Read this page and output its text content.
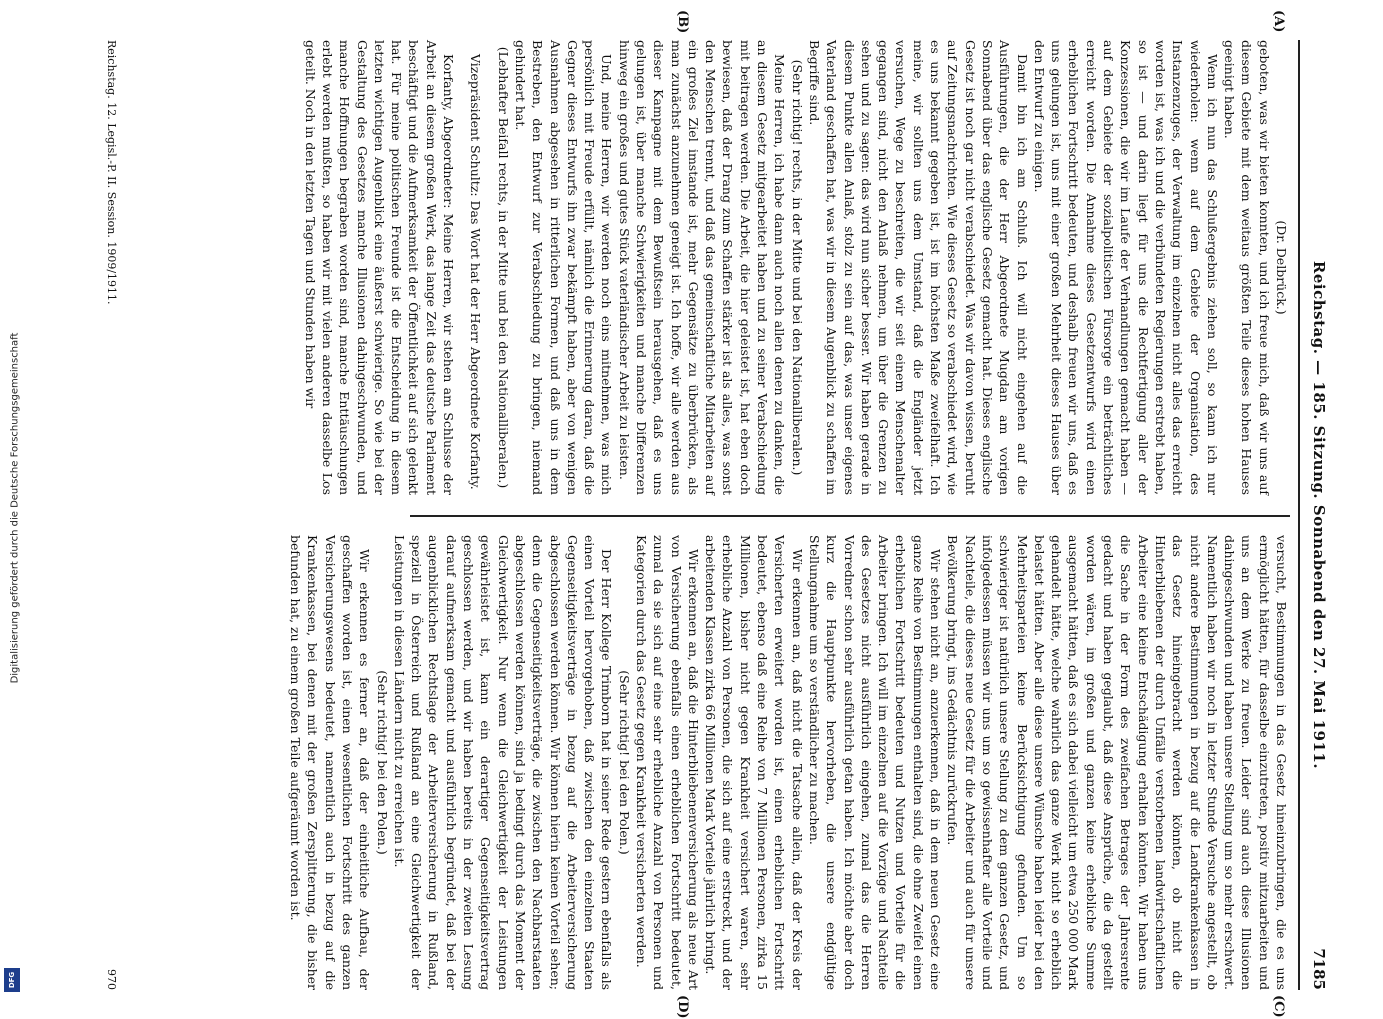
Digitalisierung gefördert durch die Deutsche Forschungsgemeinschaft
DFG
Reichstag. — 185. Sitzung. Sonnabend den 27. Mai 1911.
7185
(A)
(B)
(C)
(D)

(Dr. Delbrück.)

geboten, was wir bieten konnten, und ich freue mich, daß wir uns auf diesem Gebiete mit dem weitaus größten Teile dieses hohen Hauses geeinigt haben.

Wenn ich nun das Schlußergebnis ziehen soll, so kann ich nur wiederholen: wenn auf dem Gebiete der Organisation, des Instanzenzuges, der Verwaltung im einzelnen nicht alles das erreicht worden ist, was ich und die verbündeten Regierungen erstrebt haben, so ist — und darin liegt für uns die Rechtfertigung aller der Konzessionen, die wir im Laufe der Verhandlungen gemacht haben — auf dem Gebiete der sozialpolitischen Fürsorge ein beträchtliches erreicht worden. Die Annahme dieses Gesetzentwurfs wird einen erheblichen Fortschritt bedeuten, und deshalb freuen wir uns, daß es uns gelungen ist, uns mit einer großen Mehrheit dieses Hauses über den Entwurf zu einigen.

Damit bin ich am Schluß. Ich will nicht eingehen auf die Ausführungen, die der Herr Abgeordnete Mugdan am vorigen Sonnabend über das englische Gesetz gemacht hat. Dieses englische Gesetz ist noch gar nicht verabschiedet. Was wir davon wissen, beruht auf Zeitungsnachrichten. Wie dieses Gesetz so verabschiedet wird, wie es uns bekannt gegeben ist, ist im höchsten Maße zweifelhaft. Ich meine, wir sollten uns dem Umstand, daß die Engländer jetzt versuchen, Wege zu beschreiten, die wir seit einem Menschenalter gegangen sind, nicht den Anlaß nehmen, um über die Grenzen zu sehen und zu sagen: das wird nun sicher besser. Wir haben gerade in diesem Punkte allen Anlaß, stolz zu sein auf das, was unser eigenes Vaterland geschaffen hat, was wir in diesem Augenblick zu schaffen im Begriffe sind.

(Sehr richtig! rechts, in der Mitte und bei den Nationalliberalen.)

Meine Herren, ich habe dann auch noch allen denen zu danken, die an diesem Gesetz mitgearbeitet haben und zu seiner Verabschiedung mit beitragen werden. Die Arbeit, die hier geleistet ist, hat eben doch bewiesen, daß der Drang zum Schaffen stärker ist als alles, was sonst den Menschen trennt, und daß das gemeinschaftliche Mitarbeiten auf ein großes Ziel imstande ist, mehr Gegensätze zu überbrücken, als man zunächst anzunehmen geneigt ist. Ich hoffe, wir alle werden aus dieser Kampagne mit dem Bewußtsein herausgehen, daß es uns gelungen ist, über manche Schwierigkeiten und manche Differenzen hinweg ein großes und gutes Stück vaterländischer Arbeit zu leisten.

Und, meine Herren, wir werden noch eins mitnehmen, was mich persönlich mit Freude erfüllt, nämlich die Erinnerung daran, daß die Gegner dieses Entwurfs ihn zwar bekämpft haben, aber von wenigen Ausnahmen abgesehen in ritterlichen Formen, und daß uns in dem Bestreben, den Entwurf zur Verabschiedung zu bringen, niemand gehindert hat.

(Lebhafter Beifall rechts, in der Mitte und bei den Nationalliberalen.)

Vizepräsident Schultz: Das Wort hat der Herr Abgeordnete Korfanty.

Korfanty, Abgeordneter: Meine Herren, wir stehen am Schlusse der Arbeit an diesem großen Werk, das lange Zeit das deutsche Parlament beschäftigt und die Aufmerksamkeit der Öffentlichkeit auf sich gelenkt hat. Für meine politischen Freunde ist die Entscheidung in diesem letzten wichtigen Augenblick eine äußerst schwierige. So wie bei der Gestaltung des Gesetzes manche Illusionen dahingeschwunden, und manche Hoffnungen begraben worden sind, manche Enttäuschungen erlebt werden mußten, so haben wir mit vielen anderen dasselbe Los geteilt. Noch in den letzten Tagen und Stunden haben wir

versucht, Bestimmungen in das Gesetz hineinzubringen, die es uns ermöglicht hätten, für dasselbe einzutreten, positiv mitzuarbeiten und uns an dem Werke zu freuen. Leider sind auch diese Illusionen dahingeschwunden und haben unsere Stellung um so mehr erschwert. Namentlich haben wir noch in letzter Stunde Versuche angestellt, ob nicht andere Bestimmungen in bezug auf die Landkrankenkassen in das Gesetz hineingebracht werden könnten, ob nicht die Hinterbliebenen der durch Unfälle verstorbenen landwirtschaftlichen Arbeiter eine kleine Entschädigung erhalten könnten. Wir haben uns die Sache in der Form des zweifachen Betrages der Jahresrente gedacht und haben geglaubt, daß diese Ansprüche, die da gestellt worden wären, im großen und ganzen keine erhebliche Summe ausgemacht hätten, daß es sich dabei vielleicht um etwa 250 000 Mark gehandelt hätte, welche wahrlich das ganze Werk nicht so erheblich belastet hätten. Aber alle diese unsere Wünsche haben leider bei den Mehrheitsparteien keine Berücksichtigung gefunden. Um so schwieriger ist natürlich unsere Stellung zu dem ganzen Gesetz, und infolgedessen müssen wir uns um so gewissenhafter alle Vorteile und Nachteile, die dieses neue Gesetz für die Arbeiter und auch für unsere Bevölkerung bringt, ins Gedächtnis zurückrufen.

Wir stehen nicht an, anzuerkennen, daß in dem neuen Gesetz eine ganze Reihe von Bestimmungen enthalten sind, die ohne Zweifel einen erheblichen Fortschritt bedeuten und Nutzen und Vorteile für die Arbeiter bringen. Ich will im einzelnen auf die Vorzüge und Nachteile des Gesetzes nicht ausführlich eingehen, zumal das die Herren Vorredner schon sehr ausführlich getan haben. Ich möchte aber doch kurz die Hauptpunkte hervorheben, die unsere endgültige Stellungnahme um so verständlicher zu machen.

Wir erkennen an, daß nicht die Tatsache allein, daß der Kreis der Versicherten erweitert worden ist, einen erheblichen Fortschritt bedeutet, ebenso daß eine Reihe von 7 Millionen Personen, zirka 15 Millionen, bisher nicht gegen Krankheit versichert waren, sehr erhebliche Anzahl von Personen, die sich auf eine erstreckt, und der arbeitenden Klassen zirka 66 Millionen Mark Vorteile jährlich bringt.

Wir erkennen an, daß die Hinterbliebenenversicherung als neue Art von Versicherung ebenfalls einen erheblichen Fortschritt bedeutet, zumal da sie sich auf eine sehr erhebliche Anzahl von Personen und Kategorien durch das Gesetz gegen Krankheit versicherten werden.

(Sehr richtig! bei den Polen.)

Der Herr Kollege Trimborn hat in seiner Rede gestern ebenfalls als einen Vorteil hervorgehoben, daß zwischen den einzelnen Staaten Gegenseitigkeitsverträge in bezug auf die Arbeiterversicherung abgeschlossen werden können. Wir können hierin keinen Vorteil sehen; denn die Gegenseitigkeitsverträge, die zwischen den Nachbarstaaten abgeschlossen werden können, sind ja bedingt durch das Moment der Gleichwertigkeit. Nur wenn die Gleichwertigkeit der Leistungen gewährleistet ist, kann ein derartiger Gegenseitigkeitsvertrag geschlossen werden, und wir haben bereits in der zweiten Lesung darauf aufmerksam gemacht und ausführlich begründet, daß bei der augenblicklichen Rechtslage der Arbeiterversicherung in Rußland, speziell in Österreich und Rußland an eine Gleichwertigkeit der Leistungen in diesen Ländern nicht zu erreichen ist.

(Sehr richtig! bei den Polen.)

Wir erkennen es ferner an, daß der einheitliche Aufbau, der geschaffen worden ist, einen wesentlichen Fortschritt des ganzen Versicherungswesens bedeutet, namentlich auch in bezug auf die Krankenkassen, bei denen mit der großen Zersplitterung, die bisher befunden hat, zu einem großen Teile aufgeräumt worden ist.

Reichstag. 12. Legisl.-P. II. Session. 1909/1911.
970
